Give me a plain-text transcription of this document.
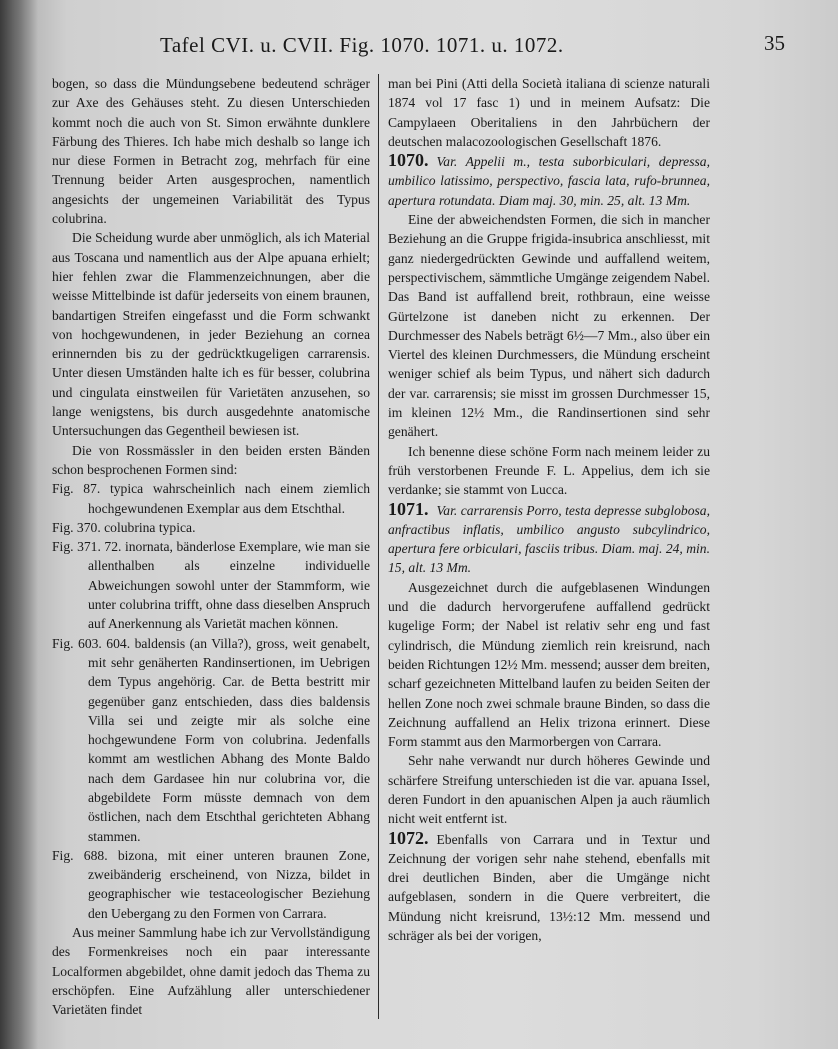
Tafel CVI. u. CVII. Fig. 1070. 1071. u. 1072.	35

bogen, so dass die Mündungsebene bedeutend schräger zur Axe des Gehäuses steht. Zu diesen Unterschieden kommt noch die auch von St. Simon erwähnte dunklere Färbung des Thieres. Ich habe mich deshalb so lange ich nur diese Formen in Betracht zog, mehrfach für eine Trennung beider Arten ausgesprochen, namentlich angesichts der ungemeinen Variabilität des Typus colubrina.

Die Scheidung wurde aber unmöglich, als ich Material aus Toscana und namentlich aus der Alpe apuana erhielt; hier fehlen zwar die Flammenzeichnungen, aber die weisse Mittelbinde ist dafür jederseits von einem braunen, bandartigen Streifen eingefasst und die Form schwankt von hochgewundenen, in jeder Beziehung an cornea erinnernden bis zu der gedrücktkugeligen carrarensis. Unter diesen Umständen halte ich es für besser, colubrina und cingulata einstweilen für Varietäten anzusehen, so lange wenigstens, bis durch ausgedehnte anatomische Untersuchungen das Gegentheil bewiesen ist.

Die von Rossmässler in den beiden ersten Bänden schon besprochenen Formen sind:

Fig. 87. typica wahrscheinlich nach einem ziemlich hochgewundenen Exemplar aus dem Etschthal.

Fig. 370. colubrina typica.

Fig. 371. 72. inornata, bänderlose Exemplare, wie man sie allenthalben als einzelne individuelle Abweichungen sowohl unter der Stammform, wie unter colubrina trifft, ohne dass dieselben Anspruch auf Anerkennung als Varietät machen können.

Fig. 603. 604. baldensis (an Villa?), gross, weit genabelt, mit sehr genäherten Randinsertionen, im Uebrigen dem Typus angehörig. Car. de Betta bestritt mir gegenüber ganz entschieden, dass dies baldensis Villa sei und zeigte mir als solche eine hochgewundene Form von colubrina. Jedenfalls kommt am westlichen Abhang des Monte Baldo nach dem Gardasee hin nur colubrina vor, die abgebildete Form müsste demnach von dem östlichen, nach dem Etschthal gerichteten Abhang stammen.

Fig. 688. bizona, mit einer unteren braunen Zone, zweibänderig erscheinend, von Nizza, bildet in geographischer wie testaceologischer Beziehung den Uebergang zu den Formen von Carrara.

Aus meiner Sammlung habe ich zur Vervollständigung des Formenkreises noch ein paar interessante Localformen abgebildet, ohne damit jedoch das Thema zu erschöpfen. Eine Aufzählung aller unterschiedener Varietäten findet

man bei Pini (Atti della Società italiana di scienze naturali 1874 vol 17 fasc 1) und in meinem Aufsatz: Die Campylaeen Oberitaliens in den Jahrbüchern der deutschen malacozoologischen Gesellschaft 1876.

1070. Var. Appelii m., testa suborbiculari, depressa, umbilico latissimo, perspectivo, fascia lata, rufo-brunnea, apertura rotundata. Diam maj. 30, min. 25, alt. 13 Mm.

Eine der abweichendsten Formen, die sich in mancher Beziehung an die Gruppe frigida-insubrica anschliesst, mit ganz niedergedrückten Gewinde und auffallend weitem, perspectivischem, sämmtliche Umgänge zeigendem Nabel. Das Band ist auffallend breit, rothbraun, eine weisse Gürtelzone ist daneben nicht zu erkennen. Der Durchmesser des Nabels beträgt 6½—7 Mm., also über ein Viertel des kleinen Durchmessers, die Mündung erscheint weniger schief als beim Typus, und nähert sich dadurch der var. carrarensis; sie misst im grossen Durchmesser 15, im kleinen 12½ Mm., die Randinsertionen sind sehr genähert.

Ich benenne diese schöne Form nach meinem leider zu früh verstorbenen Freunde F. L. Appelius, dem ich sie verdanke; sie stammt von Lucca.

1071. Var. carrarensis Porro, testa depresse subglobosa, anfractibus inflatis, umbilico angusto subcylindrico, apertura fere orbiculari, fasciis tribus. Diam. maj. 24, min. 15, alt. 13 Mm.

Ausgezeichnet durch die aufgeblasenen Windungen und die dadurch hervorgerufene auffallend gedrückt kugelige Form; der Nabel ist relativ sehr eng und fast cylindrisch, die Mündung ziemlich rein kreisrund, nach beiden Richtungen 12½ Mm. messend; ausser dem breiten, scharf gezeichneten Mittelband laufen zu beiden Seiten der hellen Zone noch zwei schmale braune Binden, so dass die Zeichnung auffallend an Helix trizona erinnert. Diese Form stammt aus den Marmorbergen von Carrara.

Sehr nahe verwandt nur durch höheres Gewinde und schärfere Streifung unterschieden ist die var. apuana Issel, deren Fundort in den apuanischen Alpen ja auch räumlich nicht weit entfernt ist.

1072. Ebenfalls von Carrara und in Textur und Zeichnung der vorigen sehr nahe stehend, ebenfalls mit drei deutlichen Binden, aber die Umgänge nicht aufgeblasen, sondern in die Quere verbreitert, die Mündung nicht kreisrund, 13½:12 Mm. messend und schräger als bei der vorigen,
